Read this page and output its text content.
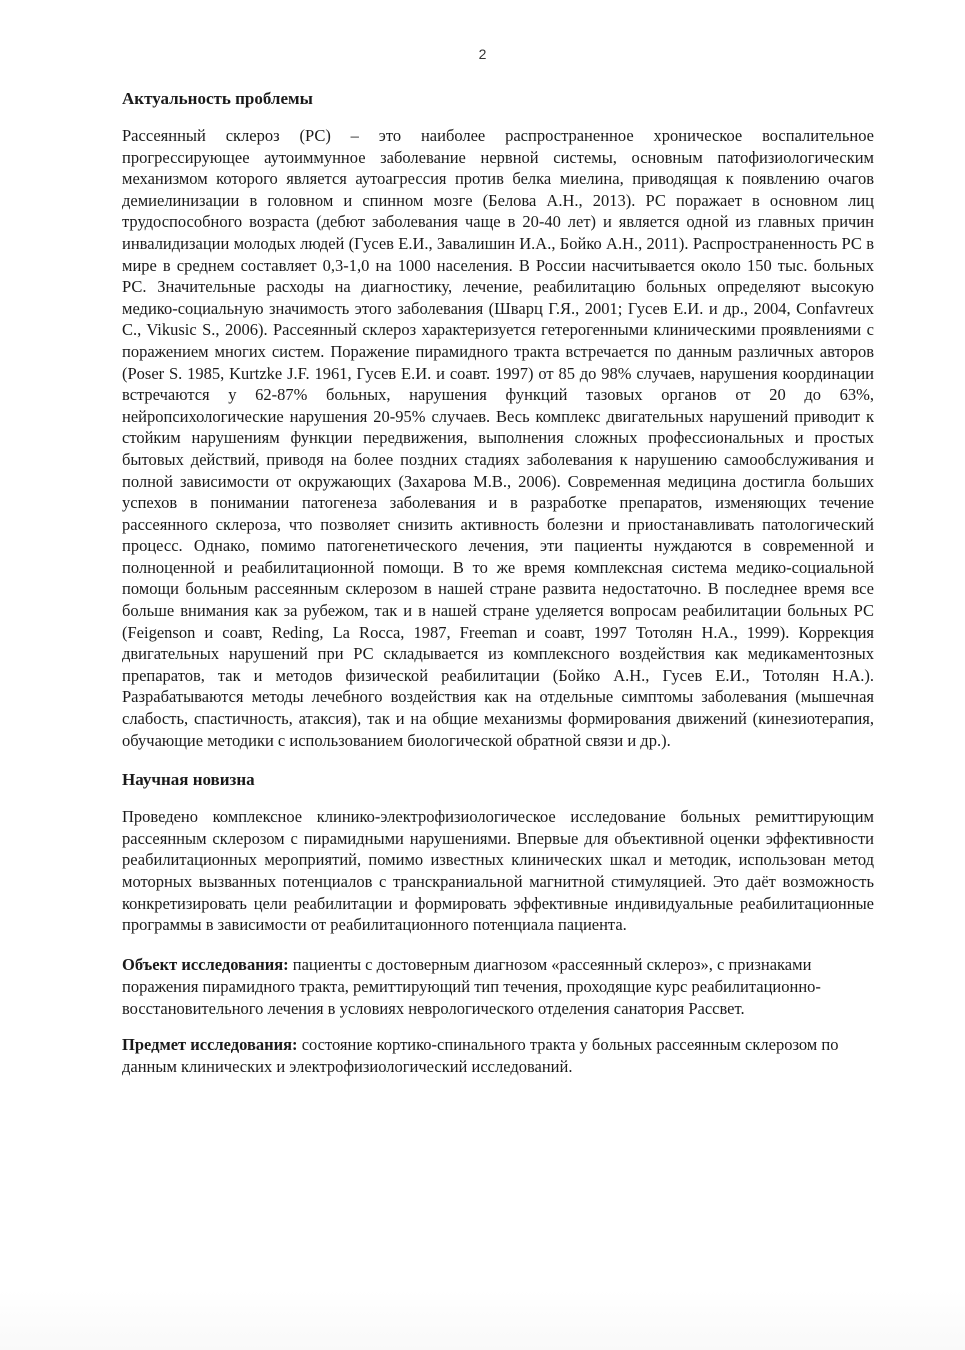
2
Актуальность проблемы

Рассеянный склероз (РС) – это наиболее распространенное хроническое воспалительное прогрессирующее аутоиммунное заболевание нервной системы, основным патофизиологическим механизмом которого является аутоагрессия против белка миелина, приводящая к появлению очагов демиелинизации в головном и спинном мозге (Белова А.Н., 2013). РС поражает в основном лиц трудоспособного возраста (дебют заболевания чаще в 20-40 лет) и является одной из главных причин инвалидизации молодых людей (Гусев Е.И., Завалишин И.А., Бойко А.Н., 2011). Распространенность РС в мире в среднем составляет 0,3-1,0 на 1000 населения. В России насчитывается около 150 тыс. больных РС. Значительные расходы на диагностику, лечение, реабилитацию больных определяют высокую медико-социальную значимость этого заболевания (Шварц Г.Я., 2001; Гусев Е.И. и др., 2004, Confavreux C., Vikusic S., 2006). Рассеянный склероз характеризуется гетерогенными клиническими проявлениями с поражением многих систем. Поражение пирамидного тракта встречается по данным различных авторов (Poser S. 1985, Kurtzke J.F. 1961, Гусев Е.И. и соавт. 1997) от 85 до 98% случаев, нарушения координации встречаются у 62-87% больных, нарушения функций тазовых органов от 20 до 63%, нейропсихологические нарушения 20-95% случаев. Весь комплекс двигательных нарушений приводит к стойким нарушениям функции передвижения, выполнения сложных профессиональных и простых бытовых действий, приводя на более поздних стадиях заболевания к нарушению самообслуживания и полной зависимости от окружающих (Захарова М.В., 2006). Современная медицина достигла больших успехов в понимании патогенеза заболевания и в разработке препаратов, изменяющих течение рассеянного склероза, что позволяет снизить активность болезни и приостанавливать патологический процесс. Однако, помимо патогенетического лечения, эти пациенты нуждаются в современной и полноценной и реабилитационной помощи. В то же время комплексная система медико-социальной помощи больным рассеянным склерозом в нашей стране развита недостаточно. В последнее время все больше внимания как за рубежом, так и в нашей стране уделяется вопросам реабилитации больных РС (Feigenson и соавт, Reding, La Rocca, 1987, Freeman и соавт, 1997 Тотолян Н.А., 1999). Коррекция двигательных нарушений при РС складывается из комплексного воздействия как медикаментозных препаратов, так и методов физической реабилитации (Бойко А.Н., Гусев Е.И., Тотолян Н.А.). Разрабатываются методы лечебного воздействия как на отдельные симптомы заболевания (мышечная слабость, спастичность, атаксия), так и на общие механизмы формирования движений (кинезиотерапия, обучающие методики с использованием биологической обратной связи и др.).

Научная новизна

Проведено комплексное клинико-электрофизиологическое исследование больных ремиттирующим рассеянным склерозом с пирамидными нарушениями. Впервые для объективной оценки эффективности реабилитационных мероприятий, помимо известных клинических шкал и методик, использован метод моторных вызванных потенциалов с транскраниальной магнитной стимуляцией. Это даёт возможность конкретизировать цели реабилитации и формировать эффективные индивидуальные реабилитационные программы в зависимости от реабилитационного потенциала пациента.

Объект исследования: пациенты с достоверным диагнозом «рассеянный склероз», с признаками поражения пирамидного тракта, ремиттирующий тип течения, проходящие курс реабилитационно-восстановительного лечения в условиях неврологического отделения санатория Рассвет.

Предмет исследования: состояние кортико-спинального тракта у больных рассеянным склерозом по данным клинических и электрофизиологический исследований.
